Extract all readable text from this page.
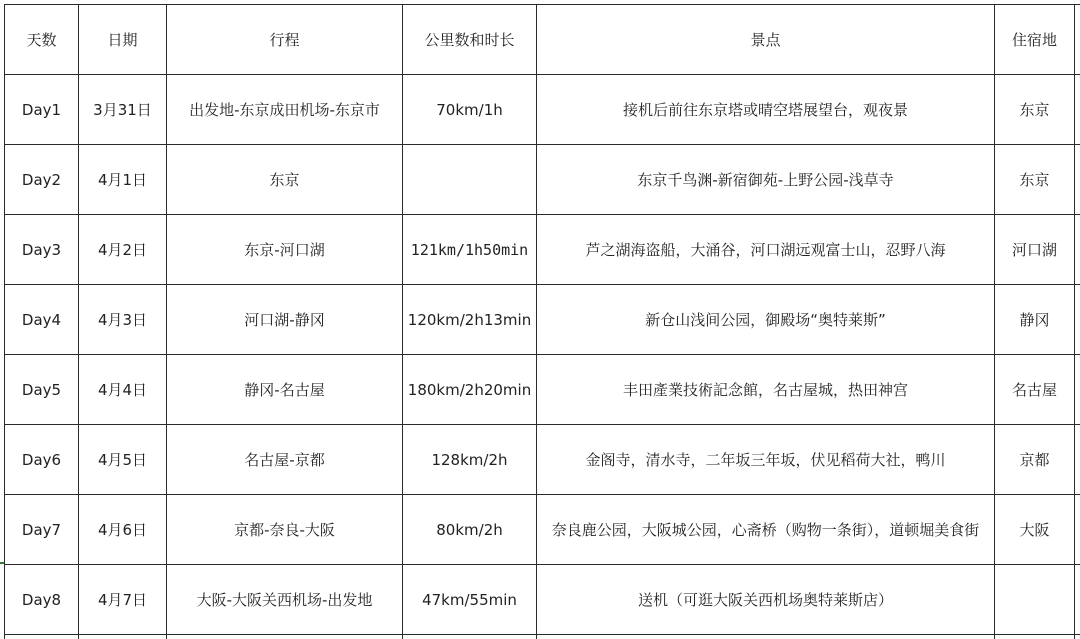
天数	日期	行程	公里数和时长	景点	住宿地	
Day1	3月31日	出发地-东京成田机场-东京市	70km/1h	接机后前往东京塔或晴空塔展望台，观夜景	东京	
Day2	4月1日	东京		东京千鸟渊-新宿御苑-上野公园-浅草寺	东京	
Day3	4月2日	东京-河口湖	121km/1h50min	芦之湖海盗船，大涌谷，河口湖远观富士山，忍野八海	河口湖	
Day4	4月3日	河口湖-静冈	120km/2h13min	新仓山浅间公园，御殿场“奥特莱斯”	静冈	
Day5	4月4日	静冈-名古屋	180km/2h20min	丰田產業技術記念館，名古屋城，热田神宫	名古屋	
Day6	4月5日	名古屋-京都	128km/2h	金阁寺，清水寺，二年坂三年坂，伏见稻荷大社，鸭川	京都	
Day7	4月6日	京都-奈良-大阪	80km/2h	奈良鹿公园，大阪城公园，心斋桥（购物一条街），道顿堀美食街	大阪	
Day8	4月7日	大阪-大阪关西机场-出发地	47km/55min	送机（可逛大阪关西机场奥特莱斯店）		
